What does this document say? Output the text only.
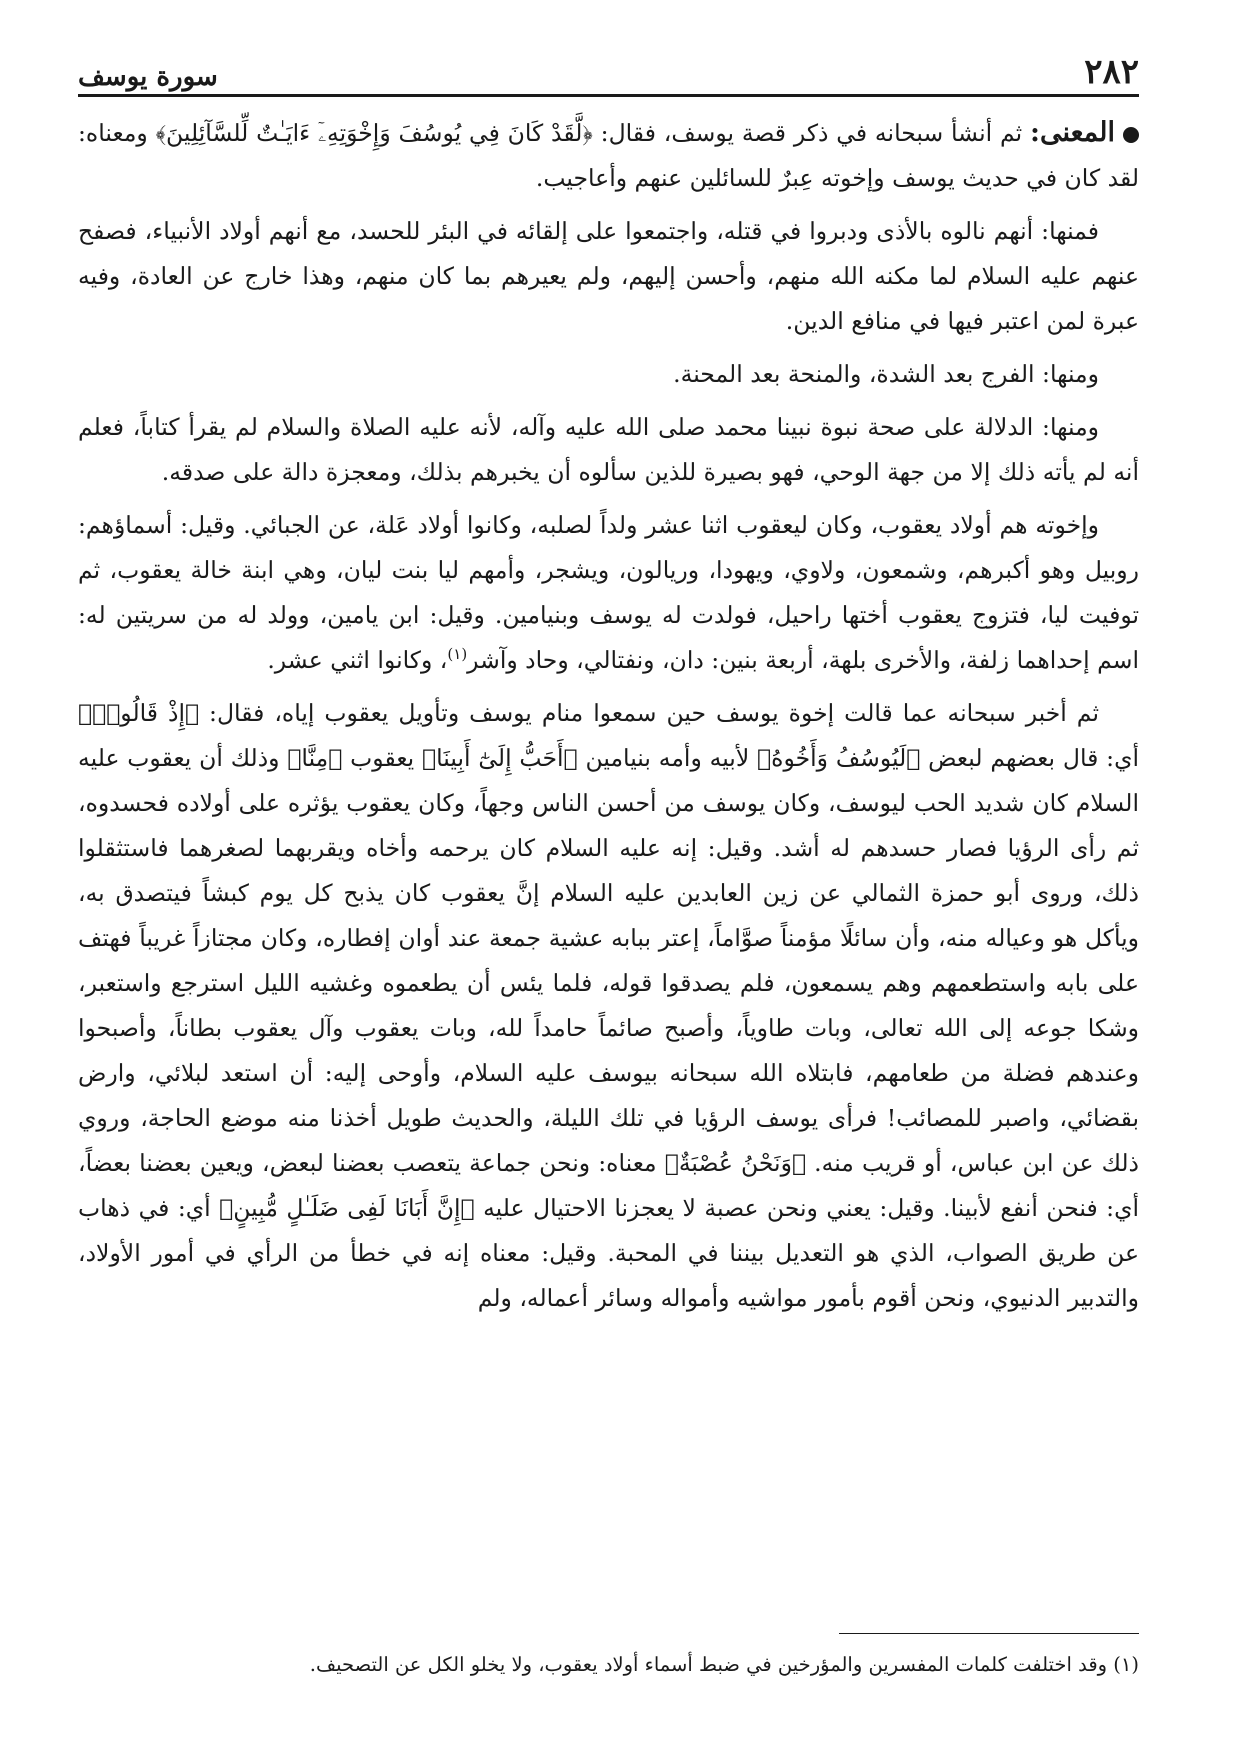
٢٨٢
سورة يوسف

المعنى: ثم أنشأ سبحانه في ذكر قصة يوسف، فقال: ﴿لَّقَدْ كَانَ فِي يُوسُفَ وَإِخْوَتِهِۦٓ ءَايَـٰتٌ لِّلسَّآئِلِينَ﴾ ومعناه: لقد كان في حديث يوسف وإخوته عِبرٌ للسائلين عنهم وأعاجيب.

فمنها: أنهم نالوه بالأذى ودبروا في قتله، واجتمعوا على إلقائه في البئر للحسد، مع أنهم أولاد الأنبياء، فصفح عنهم عليه السلام لما مكنه الله منهم، وأحسن إليهم، ولم يعيرهم بما كان منهم، وهذا خارج عن العادة، وفيه عبرة لمن اعتبر فيها في منافع الدين.

ومنها: الفرج بعد الشدة، والمنحة بعد المحنة.

ومنها: الدلالة على صحة نبوة نبينا محمد صلى الله عليه وآله، لأنه عليه الصلاة والسلام لم يقرأ كتاباً، فعلم أنه لم يأته ذلك إلا من جهة الوحي، فهو بصيرة للذين سألوه أن يخبرهم بذلك، ومعجزة دالة على صدقه.

وإخوته هم أولاد يعقوب، وكان ليعقوب اثنا عشر ولداً لصلبه، وكانوا أولاد عَلة، عن الجبائي. وقيل: أسماؤهم: روبيل وهو أكبرهم، وشمعون، ولاوي، ويهودا، وريالون، ويشجر، وأمهم ليا بنت ليان، وهي ابنة خالة يعقوب، ثم توفيت ليا، فتزوج يعقوب أختها راحيل، فولدت له يوسف وبنيامين. وقيل: ابن يامين، وولد له من سريتين له: اسم إحداهما زلفة، والأخرى بلهة، أربعة بنين: دان، ونفتالي، وحاد وآشر$^{(١)}$، وكانوا اثني عشر.

ثم أخبر سبحانه عما قالت إخوة يوسف حين سمعوا منام يوسف وتأويل يعقوب إياه، فقال: ﴿إِذْ قَالُوا۟﴾ أي: قال بعضهم لبعض ﴿لَيُوسُفُ وَأَخُوهُ﴾ لأبيه وأمه بنيامين ﴿أَحَبُّ إِلَىٰٓ أَبِينَا﴾ يعقوب ﴿مِنَّا﴾ وذلك أن يعقوب عليه السلام كان شديد الحب ليوسف، وكان يوسف من أحسن الناس وجهاً، وكان يعقوب يؤثره على أولاده فحسدوه، ثم رأى الرؤيا فصار حسدهم له أشد. وقيل: إنه عليه السلام كان يرحمه وأخاه ويقربهما لصغرهما فاستثقلوا ذلك، وروى أبو حمزة الثمالي عن زين العابدين عليه السلام إنَّ يعقوب كان يذبح كل يوم كبشاً فيتصدق به، ويأكل هو وعياله منه، وأن سائلًا مؤمناً صوَّاماً، إعتر ببابه عشية جمعة عند أوان إفطاره، وكان مجتازاً غريباً فهتف على بابه واستطعمهم وهم يسمعون، فلم يصدقوا قوله، فلما يئس أن يطعموه وغشيه الليل استرجع واستعبر، وشكا جوعه إلى الله تعالى، وبات طاوياً، وأصبح صائماً حامداً لله، وبات يعقوب وآل يعقوب بطاناً، وأصبحوا وعندهم فضلة من طعامهم، فابتلاه الله سبحانه بيوسف عليه السلام، وأوحى إليه: أن استعد لبلائي، وارض بقضائي، واصبر للمصائب! فرأى يوسف الرؤيا في تلك الليلة، والحديث طويل أخذنا منه موضع الحاجة، وروي ذلك عن ابن عباس، أو قريب منه. ﴿وَنَحْنُ عُصْبَةٌ﴾ معناه: ونحن جماعة يتعصب بعضنا لبعض، ويعين بعضنا بعضاً، أي: فنحن أنفع لأبينا. وقيل: يعني ونحن عصبة لا يعجزنا الاحتيال عليه ﴿إِنَّ أَبَانَا لَفِى ضَلَـٰلٍ مُّبِينٍ﴾ أي: في ذهاب عن طريق الصواب، الذي هو التعديل بيننا في المحبة. وقيل: معناه إنه في خطأ من الرأي في أمور الأولاد، والتدبير الدنيوي، ونحن أقوم بأمور مواشيه وأمواله وسائر أعماله، ولم

(١) وقد اختلفت كلمات المفسرين والمؤرخين في ضبط أسماء أولاد يعقوب، ولا يخلو الكل عن التصحيف.
